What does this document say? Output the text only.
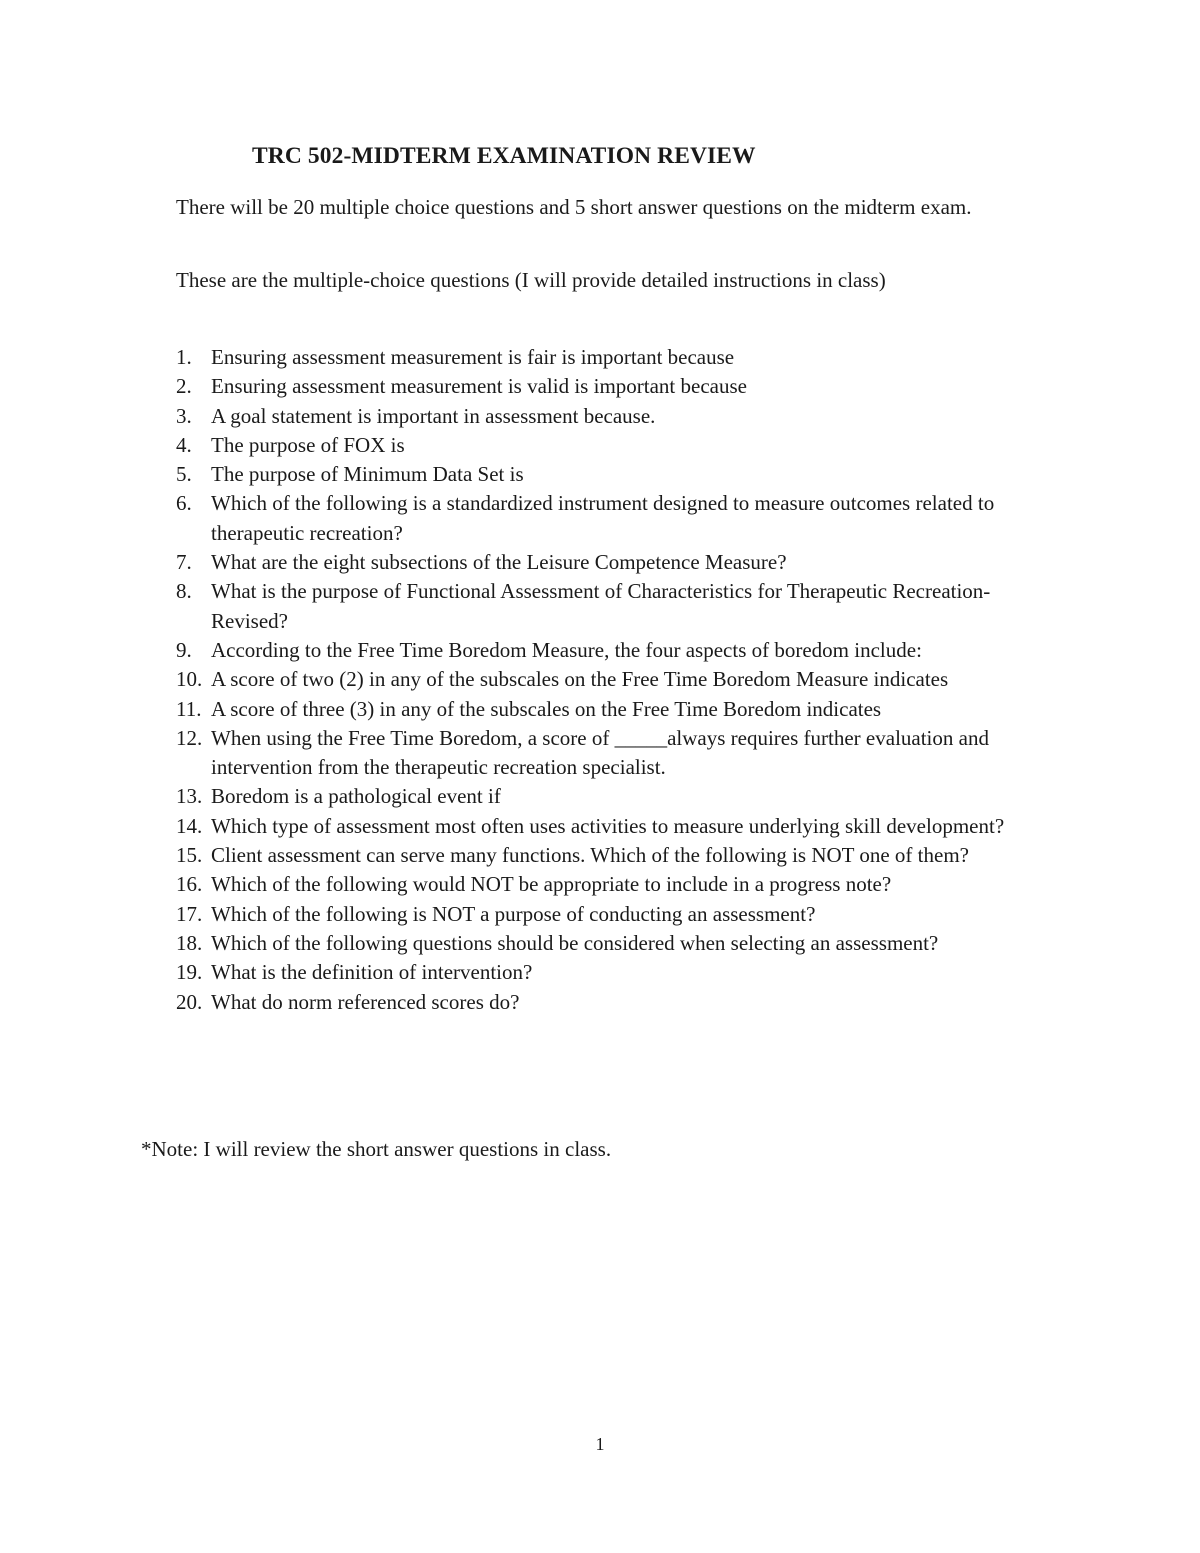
TRC 502-MIDTERM EXAMINATION REVIEW

There will be 20 multiple choice questions and 5 short answer questions on the midterm exam.

These are the multiple-choice questions (I will provide detailed instructions in class)

1. Ensuring assessment measurement is fair is important because
2. Ensuring assessment measurement is valid is important because
3. A goal statement is important in assessment because.
4. The purpose of FOX is
5. The purpose of Minimum Data Set is
6. Which of the following is a standardized instrument designed to measure outcomes related to therapeutic recreation?
7. What are the eight subsections of the Leisure Competence Measure?
8. What is the purpose of Functional Assessment of Characteristics for Therapeutic Recreation-Revised?
9. According to the Free Time Boredom Measure, the four aspects of boredom include:
10. A score of two (2) in any of the subscales on the Free Time Boredom Measure indicates
11. A score of three (3) in any of the subscales on the Free Time Boredom indicates
12. When using the Free Time Boredom, a score of _____always requires further evaluation and intervention from the therapeutic recreation specialist.
13. Boredom is a pathological event if
14. Which type of assessment most often uses activities to measure underlying skill development?
15. Client assessment can serve many functions. Which of the following is NOT one of them?
16. Which of the following would NOT be appropriate to include in a progress note?
17. Which of the following is NOT a purpose of conducting an assessment?
18. Which of the following questions should be considered when selecting an assessment?
19. What is the definition of intervention?
20. What do norm referenced scores do?

*Note: I will review the short answer questions in class.

1
